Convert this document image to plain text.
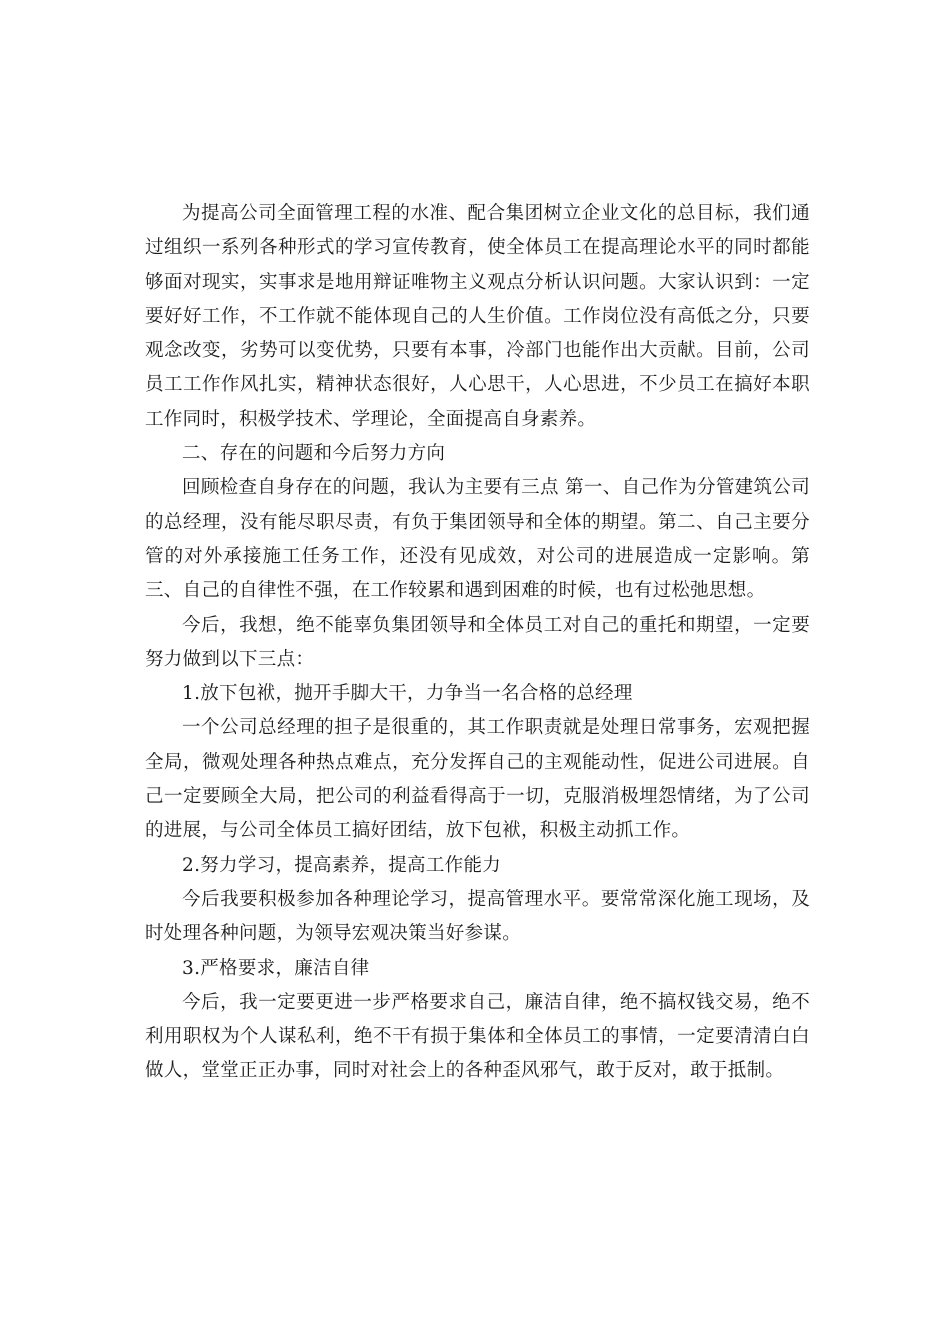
为提高公司全面管理工程的水准、配合集团树立企业文化的总目标，我们通过组织一系列各种形式的学习宣传教育，使全体员工在提高理论水平的同时都能够面对现实，实事求是地用辩证唯物主义观点分析认识问题。大家认识到：一定要好好工作，不工作就不能体现自己的人生价值。工作岗位没有高低之分，只要观念改变，劣势可以变优势，只要有本事，冷部门也能作出大贡献。目前，公司员工工作作风扎实，精神状态很好，人心思干，人心思进，不少员工在搞好本职工作同时，积极学技术、学理论，全面提高自身素养。

二、存在的问题和今后努力方向

回顾检查自身存在的问题，我认为主要有三点 第一、自己作为分管建筑公司的总经理，没有能尽职尽责，有负于集团领导和全体的期望。第二、自己主要分管的对外承接施工任务工作，还没有见成效，对公司的进展造成一定影响。第三、自己的自律性不强，在工作较累和遇到困难的时候，也有过松弛思想。

今后，我想，绝不能辜负集团领导和全体员工对自己的重托和期望，一定要努力做到以下三点：

1.放下包袱，抛开手脚大干，力争当一名合格的总经理

一个公司总经理的担子是很重的，其工作职责就是处理日常事务，宏观把握全局，微观处理各种热点难点，充分发挥自己的主观能动性，促进公司进展。自己一定要顾全大局，把公司的利益看得高于一切，克服消极埋怨情绪，为了公司的进展，与公司全体员工搞好团结，放下包袱，积极主动抓工作。

2.努力学习，提高素养，提高工作能力

今后我要积极参加各种理论学习，提高管理水平。要常常深化施工现场，及时处理各种问题，为领导宏观决策当好参谋。

3.严格要求，廉洁自律

今后，我一定要更进一步严格要求自己，廉洁自律，绝不搞权钱交易，绝不利用职权为个人谋私利，绝不干有损于集体和全体员工的事情，一定要清清白白做人，堂堂正正办事，同时对社会上的各种歪风邪气，敢于反对，敢于抵制。
